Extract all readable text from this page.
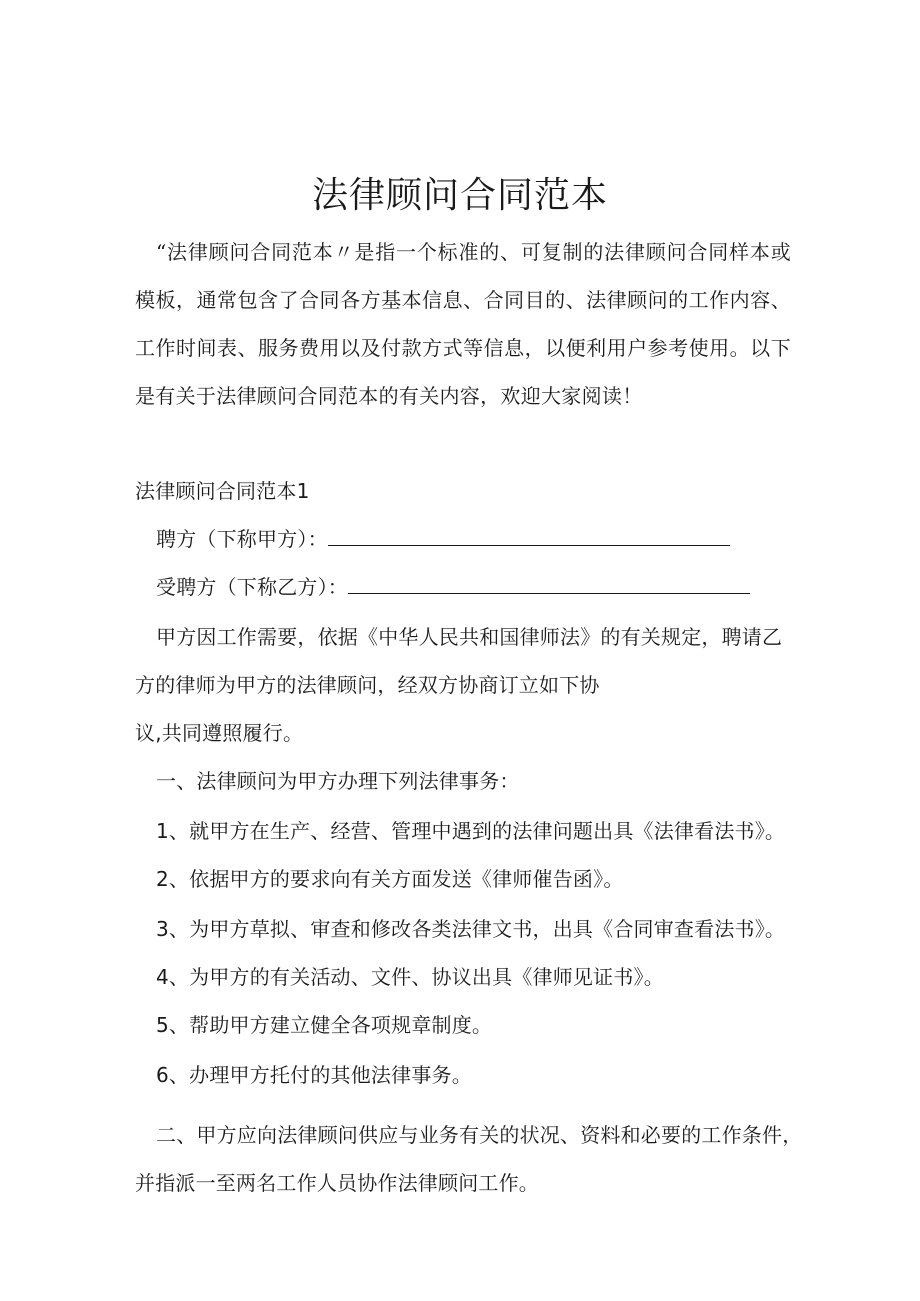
法律顾问合同范本

“法律顾问合同范本〃是指一个标准的、可复制的法律顾问合同样本或模板，通常包含了合同各方基本信息、合同目的、法律顾问的工作内容、工作时间表、服务费用以及付款方式等信息，以便利用户参考使用。以下是有关于法律顾问合同范本的有关内容，欢迎大家阅读！

法律顾问合同范本1

聘方（下称甲方）：

受聘方（下称乙方）：

甲方因工作需要，依据《中华人民共和国律师法》的有关规定，聘请乙

方的律师为甲方的法律顾问，经双方协商订立如下协

议,共同遵照履行。

一、法律顾问为甲方办理下列法律事务：

1、就甲方在生产、经营、管理中遇到的法律问题出具《法律看法书》。

2、依据甲方的要求向有关方面发送《律师催告函》。

3、为甲方草拟、审查和修改各类法律文书，出具《合同审查看法书》。

4、为甲方的有关活动、文件、协议出具《律师见证书》。

5、帮助甲方建立健全各项规章制度。

6、办理甲方托付的其他法律事务。

二、甲方应向法律顾问供应与业务有关的状况、资料和必要的工作条件，

并指派一至两名工作人员协作法律顾问工作。
